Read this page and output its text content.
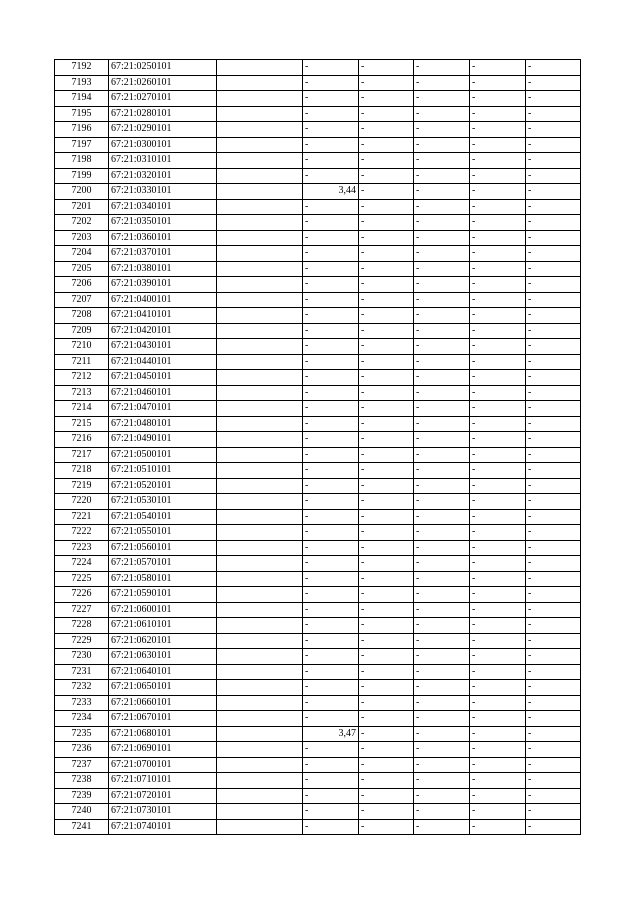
7192	67:21:0250101		-	-	-	-	-
7193	67:21:0260101		-	-	-	-	-
7194	67:21:0270101		-	-	-	-	-
7195	67:21:0280101		-	-	-	-	-
7196	67:21:0290101		-	-	-	-	-
7197	67:21:0300101		-	-	-	-	-
7198	67:21:0310101		-	-	-	-	-
7199	67:21:0320101		-	-	-	-	-
7200	67:21:0330101		3,44	-	-	-	-
7201	67:21:0340101		-	-	-	-	-
7202	67:21:0350101		-	-	-	-	-
7203	67:21:0360101		-	-	-	-	-
7204	67:21:0370101		-	-	-	-	-
7205	67:21:0380101		-	-	-	-	-
7206	67:21:0390101		-	-	-	-	-
7207	67:21:0400101		-	-	-	-	-
7208	67:21:0410101		-	-	-	-	-
7209	67:21:0420101		-	-	-	-	-
7210	67:21:0430101		-	-	-	-	-
7211	67:21:0440101		-	-	-	-	-
7212	67:21:0450101		-	-	-	-	-
7213	67:21:0460101		-	-	-	-	-
7214	67:21:0470101		-	-	-	-	-
7215	67:21:0480101		-	-	-	-	-
7216	67:21:0490101		-	-	-	-	-
7217	67:21:0500101		-	-	-	-	-
7218	67:21:0510101		-	-	-	-	-
7219	67:21:0520101		-	-	-	-	-
7220	67:21:0530101		-	-	-	-	-
7221	67:21:0540101		-	-	-	-	-
7222	67:21:0550101		-	-	-	-	-
7223	67:21:0560101		-	-	-	-	-
7224	67:21:0570101		-	-	-	-	-
7225	67:21:0580101		-	-	-	-	-
7226	67:21:0590101		-	-	-	-	-
7227	67:21:0600101		-	-	-	-	-
7228	67:21:0610101		-	-	-	-	-
7229	67:21:0620101		-	-	-	-	-
7230	67:21:0630101		-	-	-	-	-
7231	67:21:0640101		-	-	-	-	-
7232	67:21:0650101		-	-	-	-	-
7233	67:21:0660101		-	-	-	-	-
7234	67:21:0670101		-	-	-	-	-
7235	67:21:0680101		3,47	-	-	-	-
7236	67:21:0690101		-	-	-	-	-
7237	67:21:0700101		-	-	-	-	-
7238	67:21:0710101		-	-	-	-	-
7239	67:21:0720101		-	-	-	-	-
7240	67:21:0730101		-	-	-	-	-
7241	67:21:0740101		-	-	-	-	-
